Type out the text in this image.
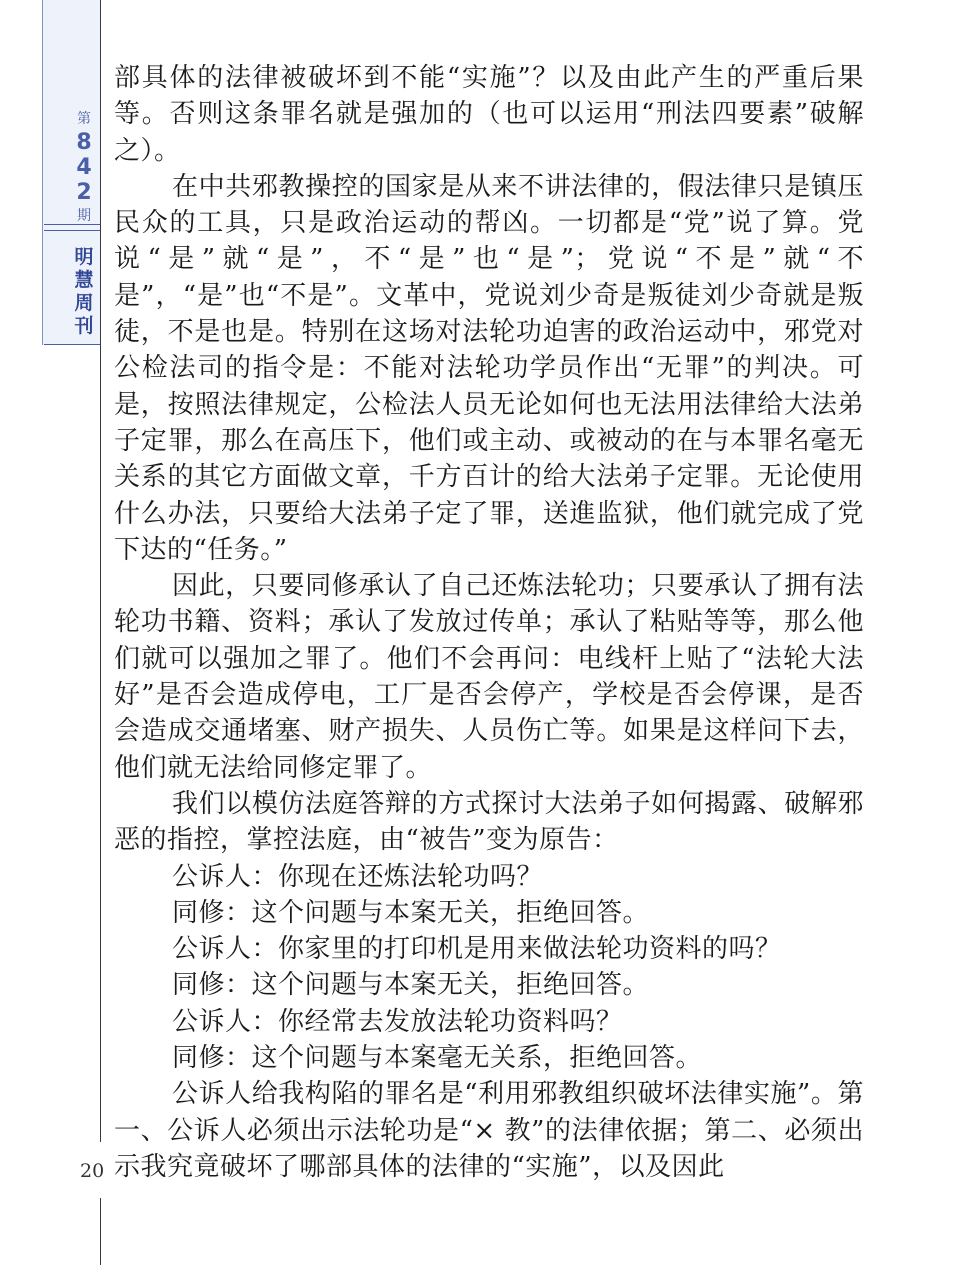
第
8
4
2
期
明
慧
周
刊
20

部具体的法律被破坏到不能“实施”？以及由此产生的严重后果等。否则这条罪名就是强加的（也可以运用“刑法四要素”破解之）。

在中共邪教操控的国家是从来不讲法律的，假法律只是镇压民众的工具，只是政治运动的帮凶。一切都是“党”说了算。党说“是”就“是”，不“是”也“是”；党说“不是”就“不是”，“是”也“不是”。文革中，党说刘少奇是叛徒刘少奇就是叛徒，不是也是。特别在这场对法轮功迫害的政治运动中，邪党对公检法司的指令是：不能对法轮功学员作出“无罪”的判决。可是，按照法律规定，公检法人员无论如何也无法用法律给大法弟子定罪，那么在高压下，他们或主动、或被动的在与本罪名毫无关系的其它方面做文章，千方百计的给大法弟子定罪。无论使用什么办法，只要给大法弟子定了罪，送進监狱，他们就完成了党下达的“任务。”

因此，只要同修承认了自己还炼法轮功；只要承认了拥有法轮功书籍、资料；承认了发放过传单；承认了粘贴等等，那么他们就可以强加之罪了。他们不会再问：电线杆上贴了“法轮大法好”是否会造成停电，工厂是否会停产，学校是否会停课，是否会造成交通堵塞、财产损失、人员伤亡等。如果是这样问下去，他们就无法给同修定罪了。

我们以模仿法庭答辩的方式探讨大法弟子如何揭露、破解邪恶的指控，掌控法庭，由“被告”变为原告：

公诉人：你现在还炼法轮功吗？

同修：这个问题与本案无关，拒绝回答。

公诉人：你家里的打印机是用来做法轮功资料的吗？

同修：这个问题与本案无关，拒绝回答。

公诉人：你经常去发放法轮功资料吗？

同修：这个问题与本案毫无关系，拒绝回答。

公诉人给我构陷的罪名是“利用邪教组织破坏法律实施”。第一、公诉人必须出示法轮功是“× 教”的法律依据；第二、必须出示我究竟破坏了哪部具体的法律的“实施”，以及因此
